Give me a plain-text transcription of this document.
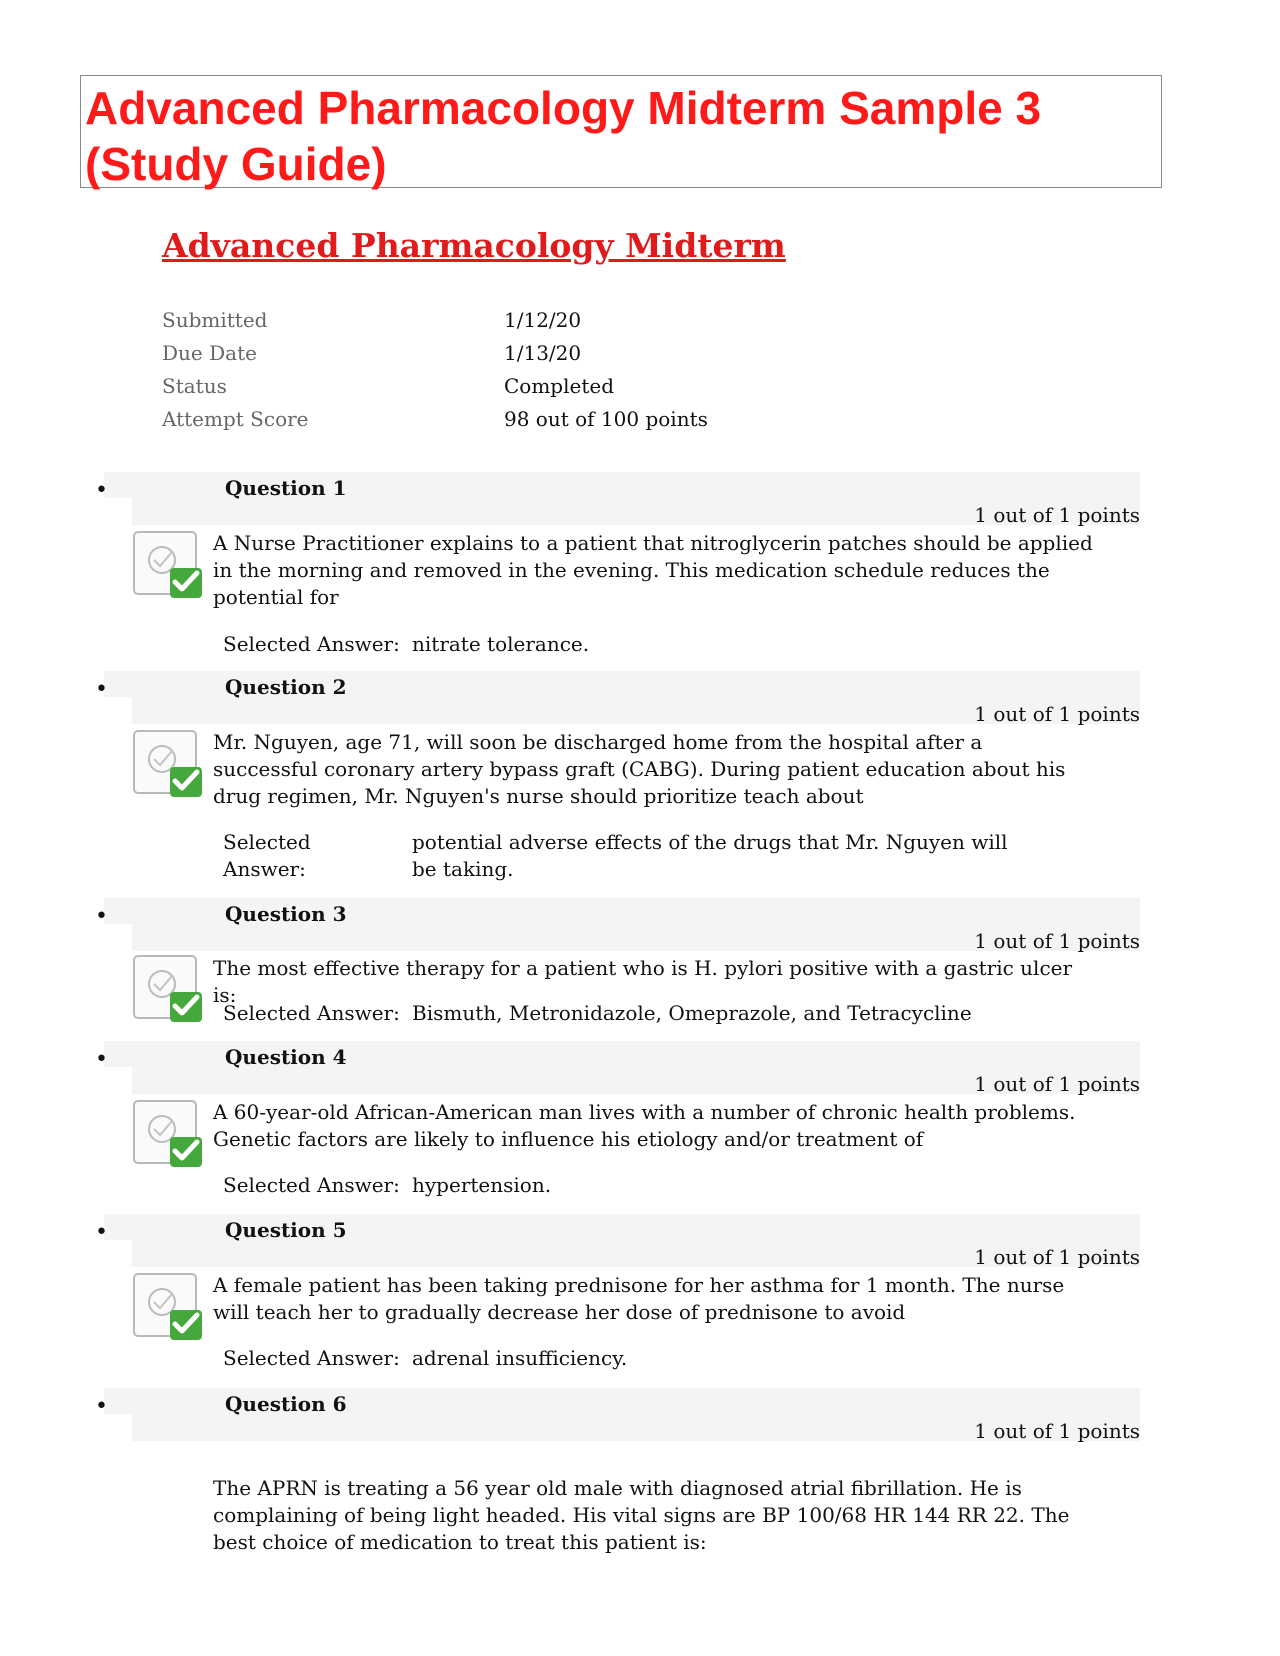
Advanced Pharmacology Midterm Sample 3 (Study Guide)
Advanced Pharmacology Midterm
Submitted	1/12/20
Due Date	1/13/20
Status	Completed
Attempt Score	98 out of 100 points
•	Question 1
1 out of 1 points
A Nurse Practitioner explains to a patient that nitroglycerin patches should be applied in the morning and removed in the evening. This medication schedule reduces the potential for
Selected Answer: nitrate tolerance.
•	Question 2
1 out of 1 points
Mr. Nguyen, age 71, will soon be discharged home from the hospital after a successful coronary artery bypass graft (CABG). During patient education about his drug regimen, Mr. Nguyen's nurse should prioritize teach about
Selected
Answer:
potential adverse effects of the drugs that Mr. Nguyen will be taking.
•	Question 3
1 out of 1 points
The most effective therapy for a patient who is H. pylori positive with a gastric ulcer is:
Selected Answer: Bismuth, Metronidazole, Omeprazole, and Tetracycline
•	Question 4
1 out of 1 points
A 60-year-old African-American man lives with a number of chronic health problems. Genetic factors are likely to influence his etiology and/or treatment of
Selected Answer: hypertension.
•	Question 5
1 out of 1 points
A female patient has been taking prednisone for her asthma for 1 month. The nurse will teach her to gradually decrease her dose of prednisone to avoid
Selected Answer: adrenal insufficiency.
•	Question 6
1 out of 1 points
The APRN is treating a 56 year old male with diagnosed atrial fibrillation. He is complaining of being light headed. His vital signs are BP 100/68 HR 144 RR 22. The best choice of medication to treat this patient is:
